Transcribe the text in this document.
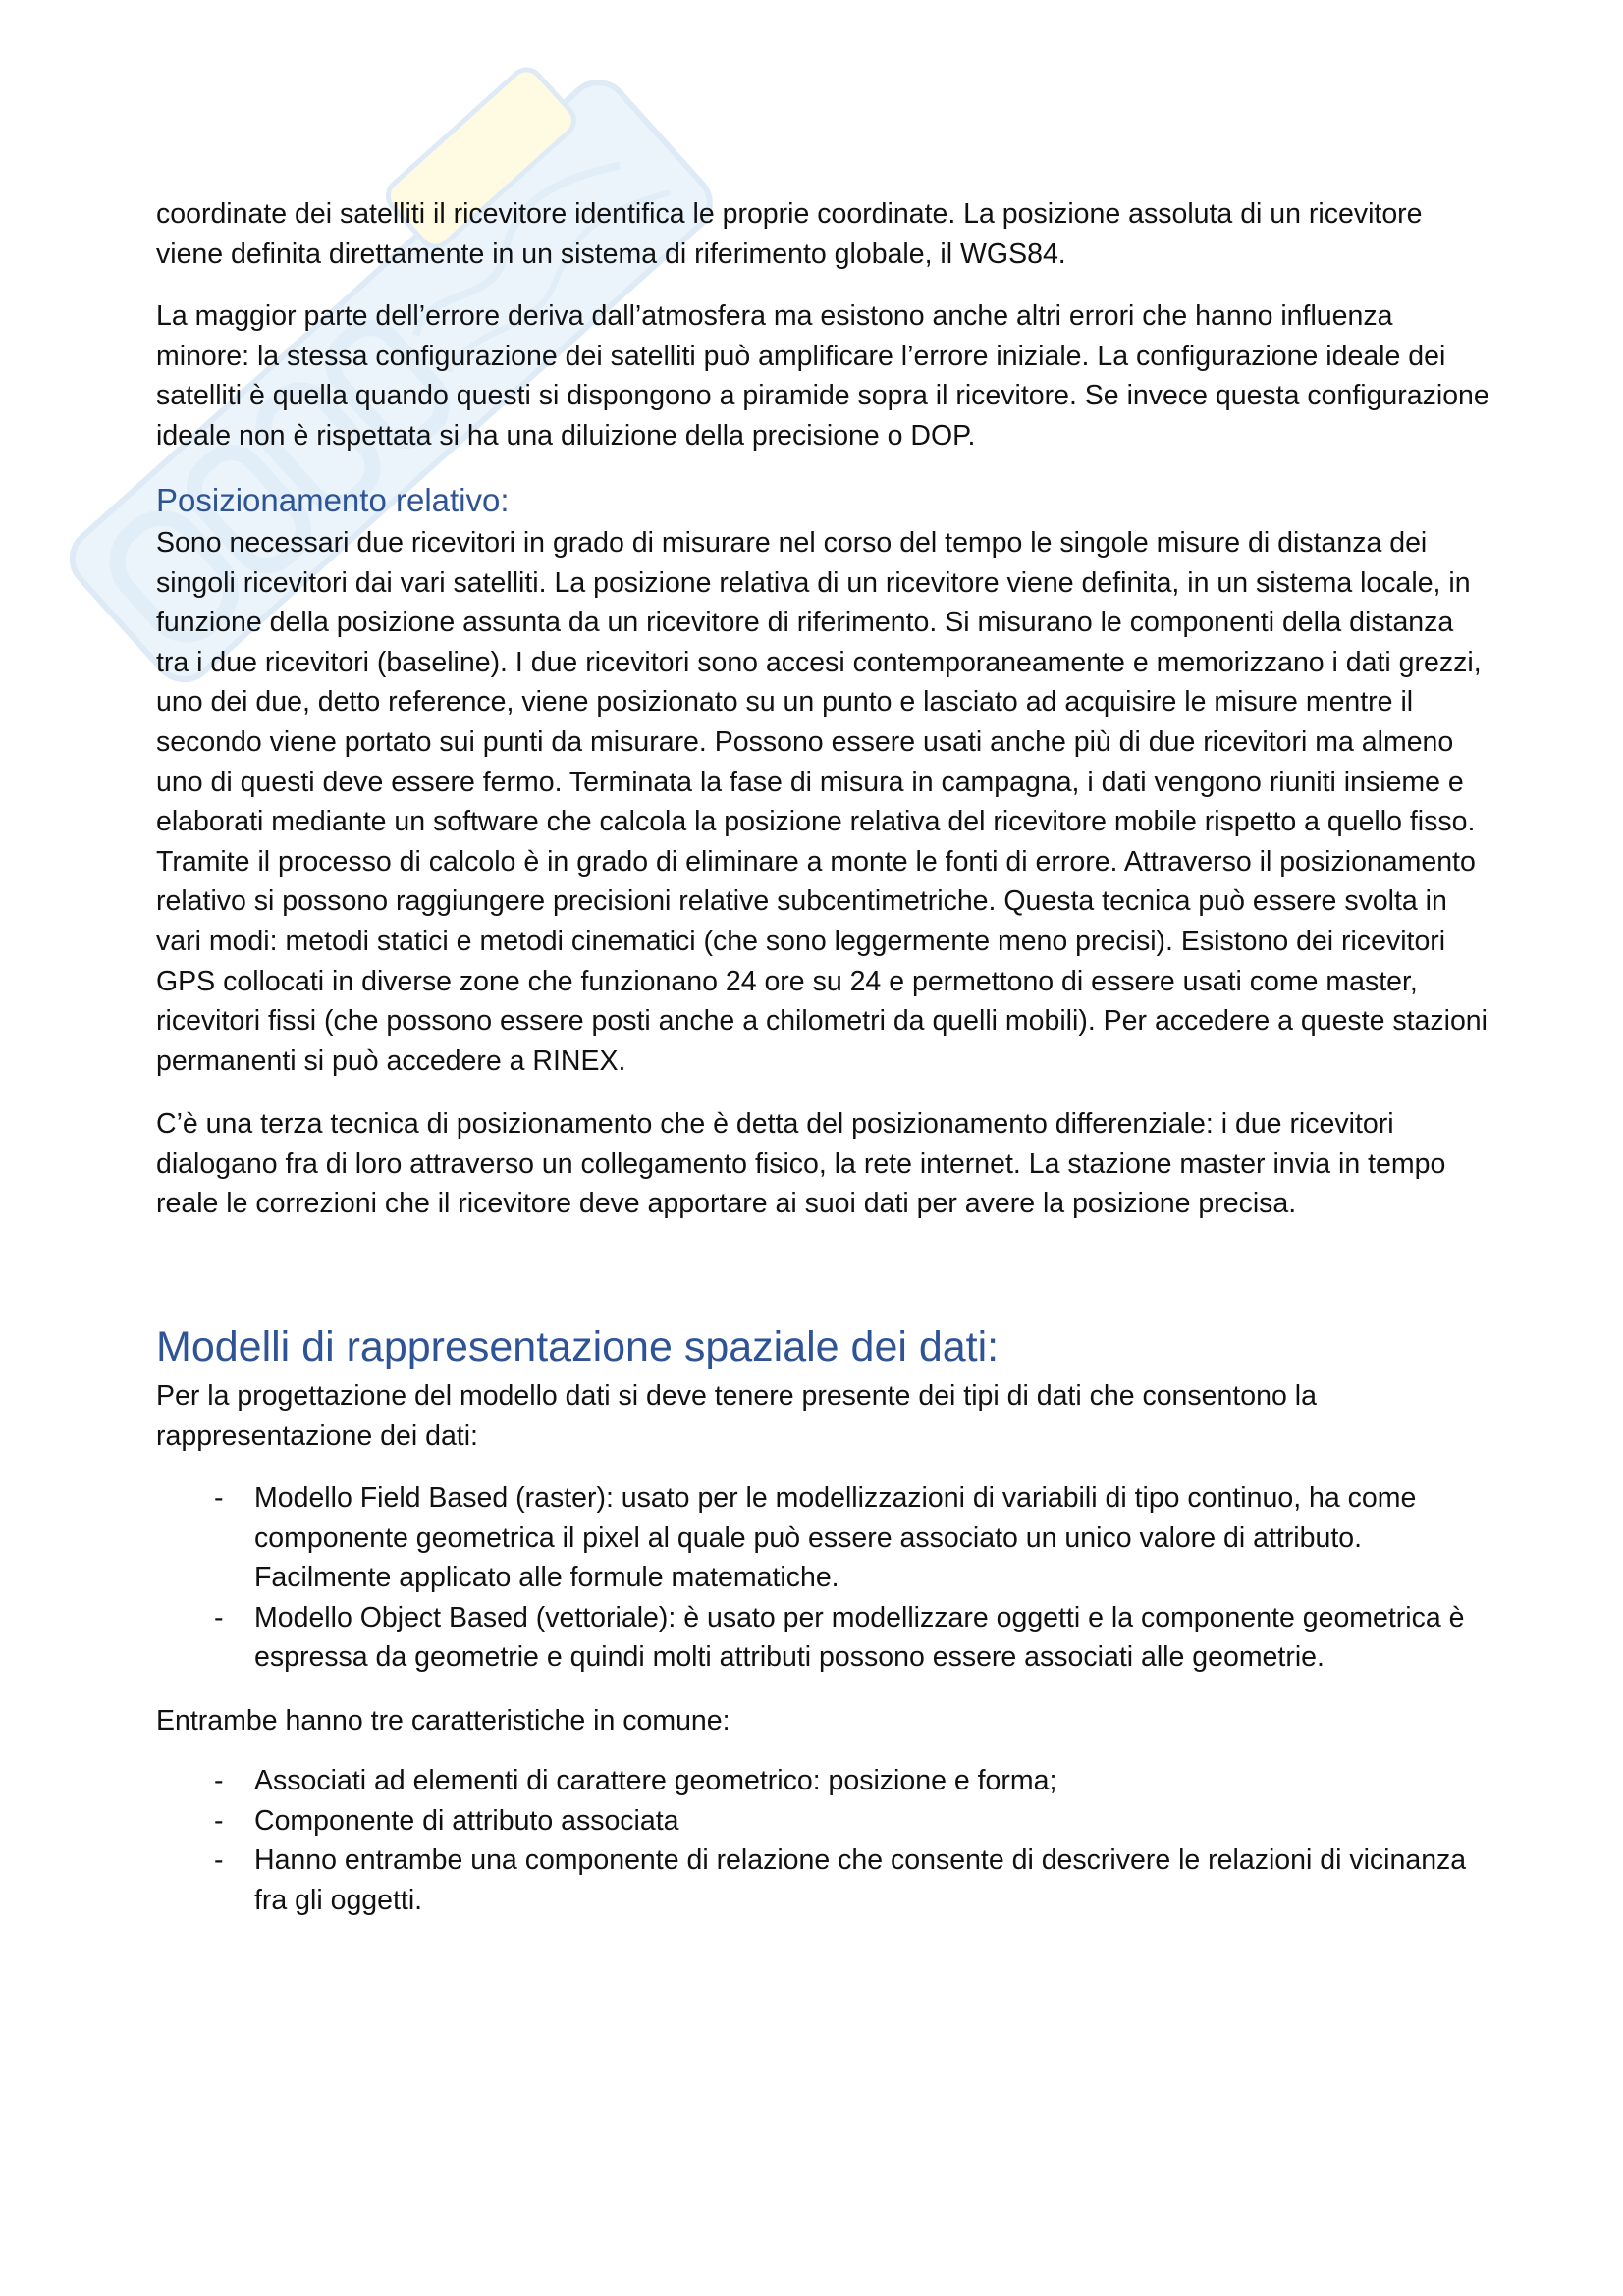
coordinate dei satelliti il ricevitore identifica le proprie coordinate. La posizione assoluta di un ricevitore
viene definita direttamente in un sistema di riferimento globale, il WGS84.
La maggior parte dell’errore deriva dall’atmosfera ma esistono anche altri errori che hanno influenza
minore: la stessa configurazione dei satelliti può amplificare l’errore iniziale. La configurazione ideale dei
satelliti è quella quando questi si dispongono a piramide sopra il ricevitore. Se invece questa configurazione
ideale non è rispettata si ha una diluizione della precisione o DOP.
Posizionamento relativo:
Sono necessari due ricevitori in grado di misurare nel corso del tempo le singole misure di distanza dei
singoli ricevitori dai vari satelliti. La posizione relativa di un ricevitore viene definita, in un sistema locale, in
funzione della posizione assunta da un ricevitore di riferimento. Si misurano le componenti della distanza
tra i due ricevitori (baseline). I due ricevitori sono accesi contemporaneamente e memorizzano i dati grezzi,
uno dei due, detto reference, viene posizionato su un punto e lasciato ad acquisire le misure mentre il
secondo viene portato sui punti da misurare. Possono essere usati anche più di due ricevitori ma almeno
uno di questi deve essere fermo. Terminata la fase di misura in campagna, i dati vengono riuniti insieme e
elaborati mediante un software che calcola la posizione relativa del ricevitore mobile rispetto a quello fisso.
Tramite il processo di calcolo è in grado di eliminare a monte le fonti di errore. Attraverso il posizionamento
relativo si possono raggiungere precisioni relative subcentimetriche. Questa tecnica può essere svolta in
vari modi: metodi statici e metodi cinematici (che sono leggermente meno precisi). Esistono dei ricevitori
GPS collocati in diverse zone che funzionano 24 ore su 24 e permettono di essere usati come master,
ricevitori fissi (che possono essere posti anche a chilometri da quelli mobili). Per accedere a queste stazioni
permanenti si può accedere a RINEX.
C’è una terza tecnica di posizionamento che è detta del posizionamento differenziale: i due ricevitori
dialogano fra di loro attraverso un collegamento fisico, la rete internet. La stazione master invia in tempo
reale le correzioni che il ricevitore deve apportare ai suoi dati per avere la posizione precisa.
Modelli di rappresentazione spaziale dei dati:
Per la progettazione del modello dati si deve tenere presente dei tipi di dati che consentono la
rappresentazione dei dati:
- Modello Field Based (raster): usato per le modellizzazioni di variabili di tipo continuo, ha come
componente geometrica il pixel al quale può essere associato un unico valore di attributo.
Facilmente applicato alle formule matematiche.
- Modello Object Based (vettoriale): è usato per modellizzare oggetti e la componente geometrica è
espressa da geometrie e quindi molti attributi possono essere associati alle geometrie.
Entrambe hanno tre caratteristiche in comune:
- Associati ad elementi di carattere geometrico: posizione e forma;
- Componente di attributo associata
- Hanno entrambe una componente di relazione che consente di descrivere le relazioni di vicinanza
fra gli oggetti.
